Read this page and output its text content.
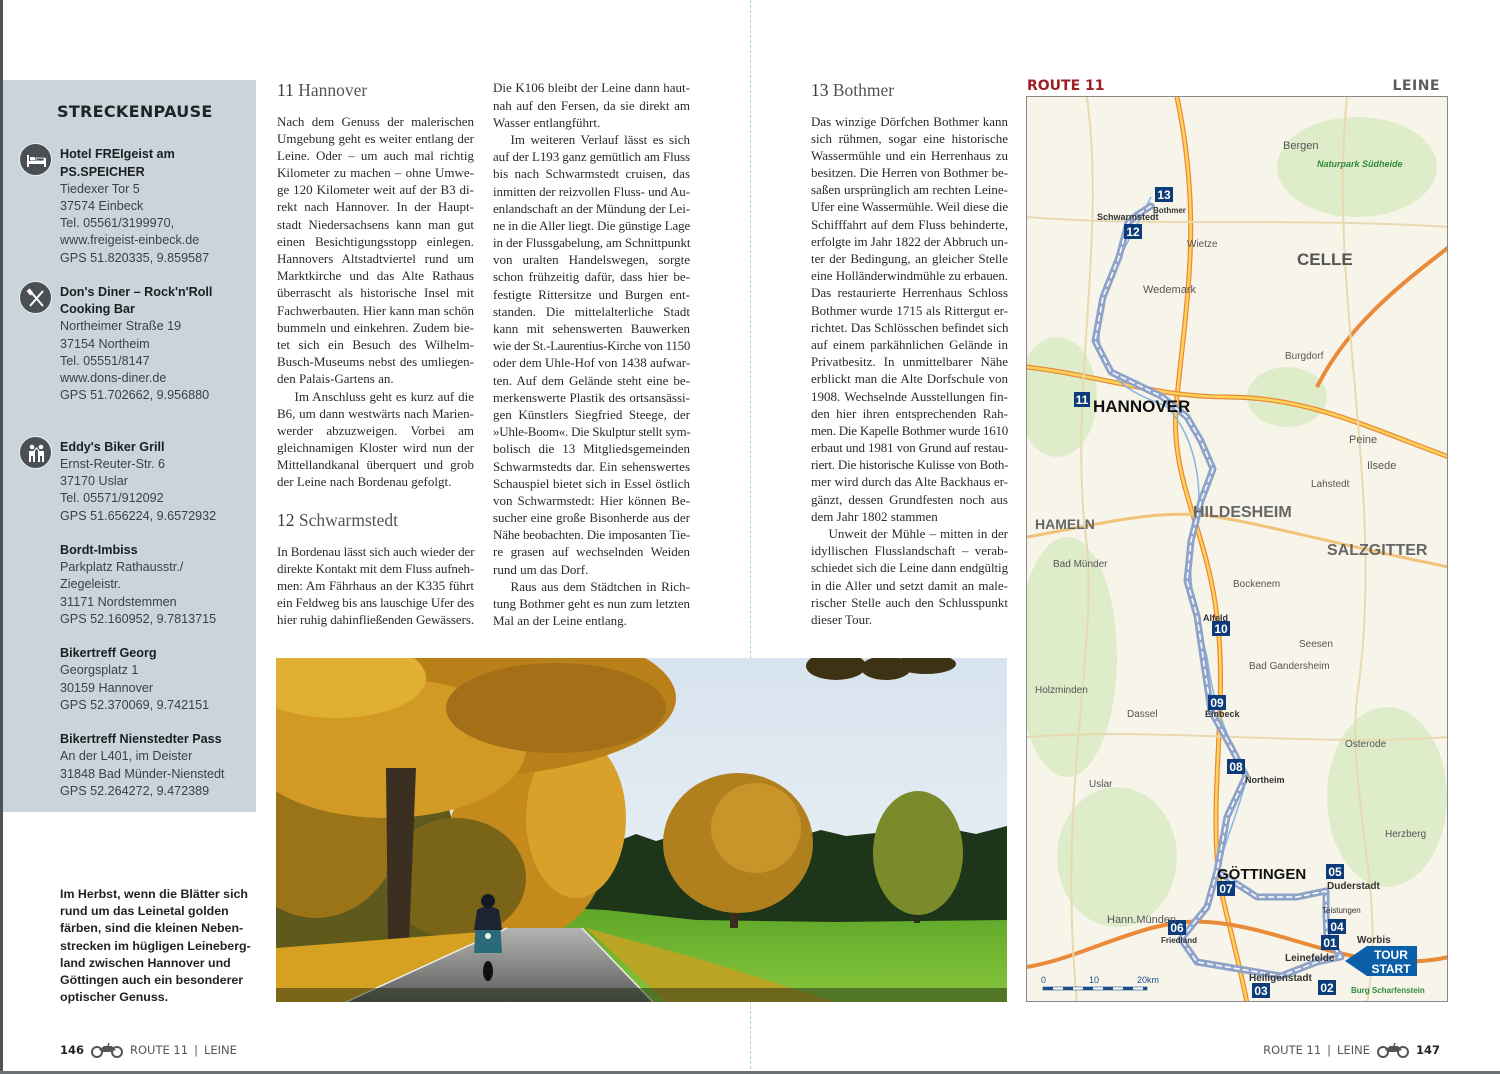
STRECKENPAUSE
Hotel FREIgeist am
PS.SPEICHER
Tiedexer Tor 5
37574 Einbeck
Tel. 05561/3199970,
www.freigeist-einbeck.de
GPS 51.820335, 9.859587
Don's Diner – Rock'n'Roll
Cooking Bar
Northeimer Straße 19
37154 Northeim
Tel. 05551/8147
www.dons-diner.de
GPS 51.702662, 9.956880
Eddy's Biker Grill
Ernst-Reuter-Str. 6
37170 Uslar
Tel. 05571/912092
GPS 51.656224, 9.6572932
Bordt-Imbiss
Parkplatz Rathausstr./
Ziegeleistr.
31171 Nordstemmen
GPS 52.160952, 9.7813715
Bikertreff Georg
Georgsplatz 1
30159 Hannover
GPS 52.370069, 9.742151
Bikertreff Nienstedter Pass
An der L401, im Deister
31848 Bad Münder-Nienstedt
GPS 52.264272, 9.472389
Im Herbst, wenn die Blätter sich
rund um das Leinetal golden
färben, sind die kleinen Neben-
strecken im hügligen Leineberg-
land zwischen Hannover und
Göttingen auch ein besonderer
optischer Genuss.
11 Hannover
Nach dem Genuss der malerischen
Umgebung geht es weiter entlang der
Leine. Oder – um auch mal richtig
Kilometer zu machen – ohne Umwe-
ge 120 Kilometer weit auf der B3 di-
rekt nach Hannover. In der Haupt-
stadt Niedersachsens kann man gut
einen Besichtigungsstopp einlegen.
Hannovers Altstadtviertel rund um
Marktkirche und das Alte Rathaus
überrascht als historische Insel mit
Fachwerbauten. Hier kann man schön
bummeln und einkehren. Zudem bie-
tet sich ein Besuch des Wilhelm-
Busch-Museums nebst des umliegen-
den Palais-Gartens an.
Im Anschluss geht es kurz auf die
B6, um dann westwärts nach Marien-
werder abzuzweigen. Vorbei am
gleichnamigen Kloster wird nun der
Mittellandkanal überquert und grob
der Leine nach Bordenau gefolgt.
12 Schwarmstedt
In Bordenau lässt sich auch wieder der
direkte Kontakt mit dem Fluss aufneh-
men: Am Fährhaus an der K335 führt
ein Feldweg bis ans lauschige Ufer des
hier ruhig dahinfließenden Gewässers.
Die K106 bleibt der Leine dann haut-
nah auf den Fersen, da sie direkt am
Wasser entlangführt.
Im weiteren Verlauf lässt es sich
auf der L193 ganz gemütlich am Fluss
bis nach Schwarmstedt cruisen, das
inmitten der reizvollen Fluss- und Au-
enlandschaft an der Mündung der Lei-
ne in die Aller liegt. Die günstige Lage
in der Flussgabelung, am Schnittpunkt
von uralten Handelswegen, sorgte
schon frühzeitig dafür, dass hier be-
festigte Rittersitze und Burgen ent-
standen. Die mittelalterliche Stadt
kann mit sehenswerten Bauwerken
wie der St.-Laurentius-Kirche von 1150
oder dem Uhle-Hof von 1438 aufwar-
ten. Auf dem Gelände steht eine be-
merkenswerte Plastik des ortsansässi-
gen Künstlers Siegfried Steege, der
»Uhle-Boom«. Die Skulptur stellt sym-
bolisch die 13 Mitgliedsgemeinden
Schwarmstedts dar. Ein sehenswertes
Schauspiel bietet sich in Essel östlich
von Schwarmstedt: Hier können Be-
sucher eine große Bisonherde aus der
Nähe beobachten. Die imposanten Tie-
re grasen auf wechselnden Weiden
rund um das Dorf.
Raus aus dem Städtchen in Rich-
tung Bothmer geht es nun zum letzten
Mal an der Leine entlang.
13 Bothmer
Das winzige Dörfchen Bothmer kann
sich rühmen, sogar eine historische
Wassermühle und ein Herrenhaus zu
besitzen. Die Herren von Bothmer be-
saßen ursprünglich am rechten Leine-
Ufer eine Wassermühle. Weil diese die
Schifffahrt auf dem Fluss behinderte,
erfolgte im Jahr 1822 der Abbruch un-
ter der Bedingung, an gleicher Stelle
eine Holländerwindmühle zu erbauen.
Das restaurierte Herrenhaus Schloss
Bothmer wurde 1715 als Rittergut er-
richtet. Das Schlösschen befindet sich
auf einem parkähnlichen Gelände in
Privatbesitz. In unmittelbarer Nähe
erblickt man die Alte Dorfschule von
1908. Wechselnde Ausstellungen fin-
den hier ihren entsprechenden Rah-
men. Die Kapelle Bothmer wurde 1610
erbaut und 1981 von Grund auf restau-
riert. Die historische Kulisse von Both-
mer wird durch das Alte Backhaus er-
gänzt, dessen Grundfesten noch aus
dem Jahr 1802 stammen
Unweit der Mühle – mitten in der
idyllischen Flusslandschaft – verab-
schiedet sich die Leine dann endgültig
in die Aller und setzt damit an male-
rischer Stelle auch den Schlusspunkt
dieser Tour.
ROUTE 11	LEINE
13
12
11
10
09
08
07
06
05
04
03	02
01
CELLE
HANNOVER
HILDESHEIM
SALZGITTER
HAMELN
GÖTTINGEN
Bothmer
Schwarmstedt
Bergen
Wedemark
Burgdorf
Peine
Alfeld
Einbeck
Northeim
Bad Gandersheim
Seesen
Osterode
Dassel
Uslar
Friedland
Duderstadt
Teistungen
Worbis
Leinefelde
Heiligenstadt
Burg Scharfenstein
Hann.Münden
Bad Münder
Holzminden
Bockenem
Ilsede
Lahstedt
Wietze
Herzberg
Naturpark Südheide
TOUR
START
0	10	20km
146	ROUTE 11 | LEINE	ROUTE 11 | LEINE	147
